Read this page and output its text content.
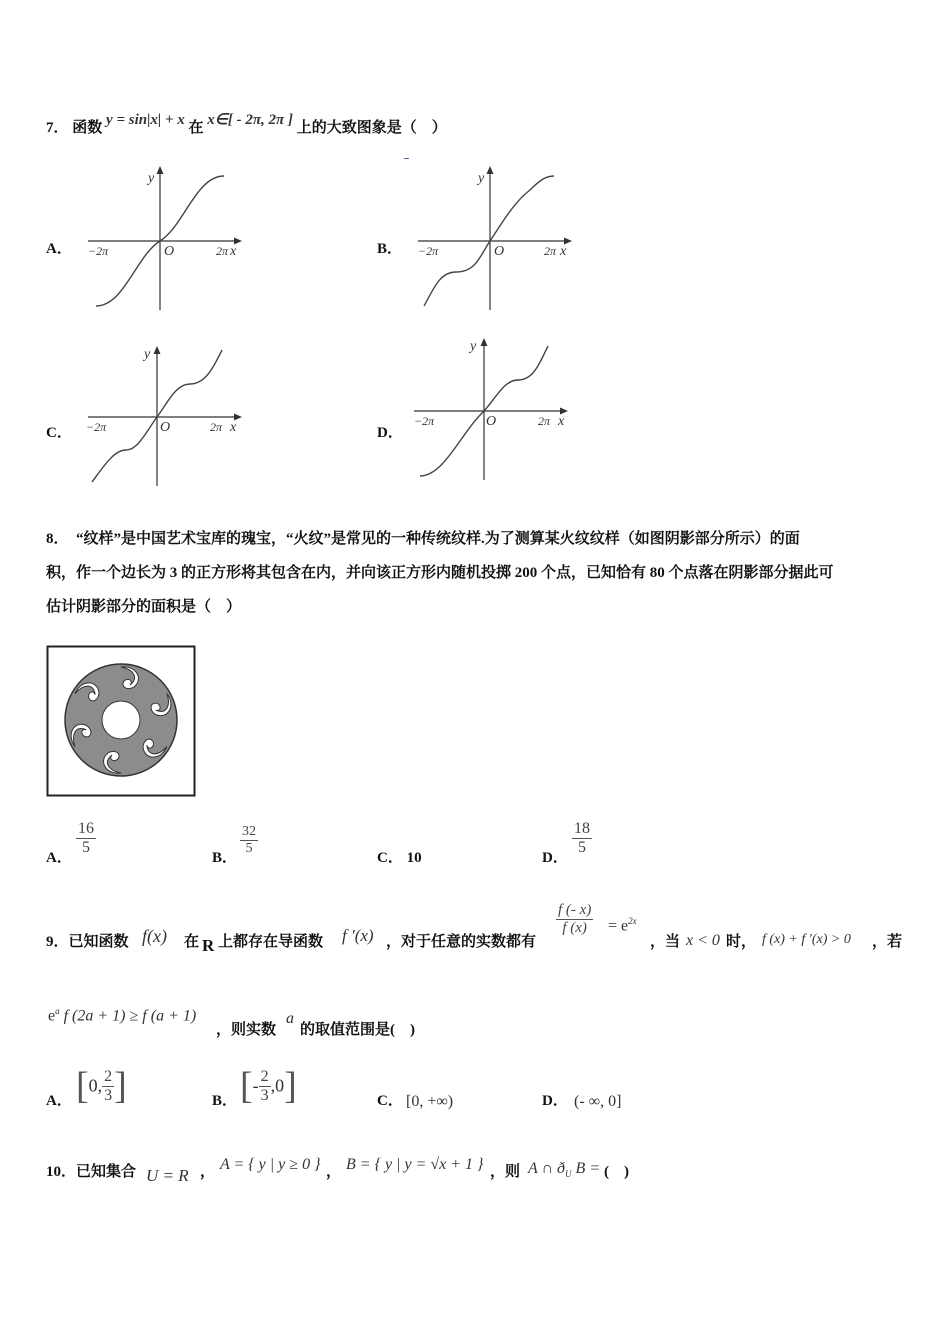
7． 函数 y = sin|x| + x 在 x∈[ - 2π, 2π ] 上的大致图象是（　）
A．	B．
C．	D．
y
x
O
−2π	2π
y
x
O
−2π	2π
y
x
O
−2π	2π
y
x
O
−2π	2π
8．　“纹样”是中国艺术宝库的瑰宝，“火纹”是常见的一种传统纹样.为了测算某火纹纹样（如图阴影部分所示）的面
积，作一个边长为 3 的正方形将其包含在内，并向该正方形内随机投掷 200 个点，已知恰有 80 个点落在阴影部分据此可
估计阴影部分的面积是（　）
A．
$\frac{16}{5}$
B．
$\frac{32}{5}$
C． 10	D．
$\frac{18}{5}$
9．已知函数 f(x) 在 R 上都存在导函数 f ′(x) ，对于任意的实数都有
$\frac{f (- x)}{f (x)} = e^{2x}$
，当 x < 0 时， f (x) + f ′(x) > 0 ，若
$e^a$ f (2a + 1) ≥ f (a + 1)
，则实数
a
的取值范围是(　)
A． [0, $\frac{2}{3}$ ]	B． [- $\frac{2}{3} ,0$]	C． [0, +∞)	D． (- ∞, 0]
10．已知集合 U = R ， A = { y | y ≥ 0 } ， B = { y | y = √x + 1 } ，则 A ∩ $ð_U$ B = (　)
